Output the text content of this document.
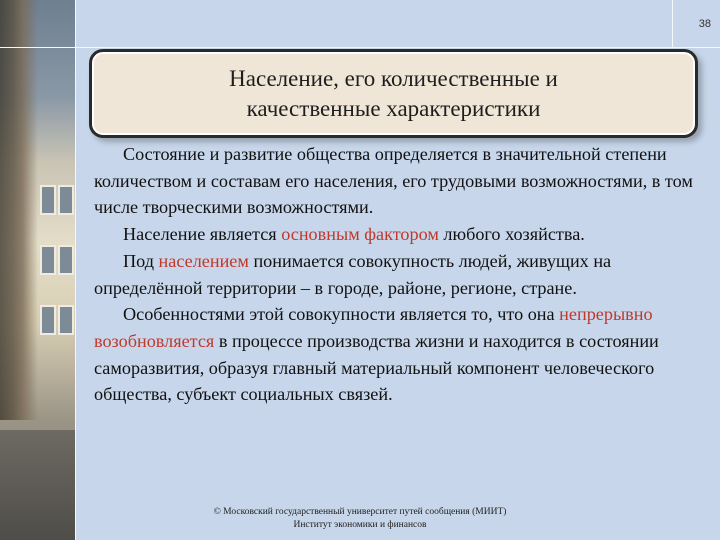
38
Население, его количественные и
качественные характеристики

Состояние и развитие общества определяется в значительной степени количеством и составам его населения, его трудовыми возможностями, в том числе творческими возможностями.

Население является основным фактором любого хозяйства.

Под населением понимается совокупность людей, живущих на определённой территории – в городе, районе, регионе, стране.

Особенностями этой совокупности является то, что она непрерывно возобновляется в процессе производства жизни и находится в состоянии саморазвития, образуя главный материальный компонент человеческого общества, субъект социальных связей.

© Московский государственный университет путей сообщения (МИИТ)
Институт экономики и финансов
